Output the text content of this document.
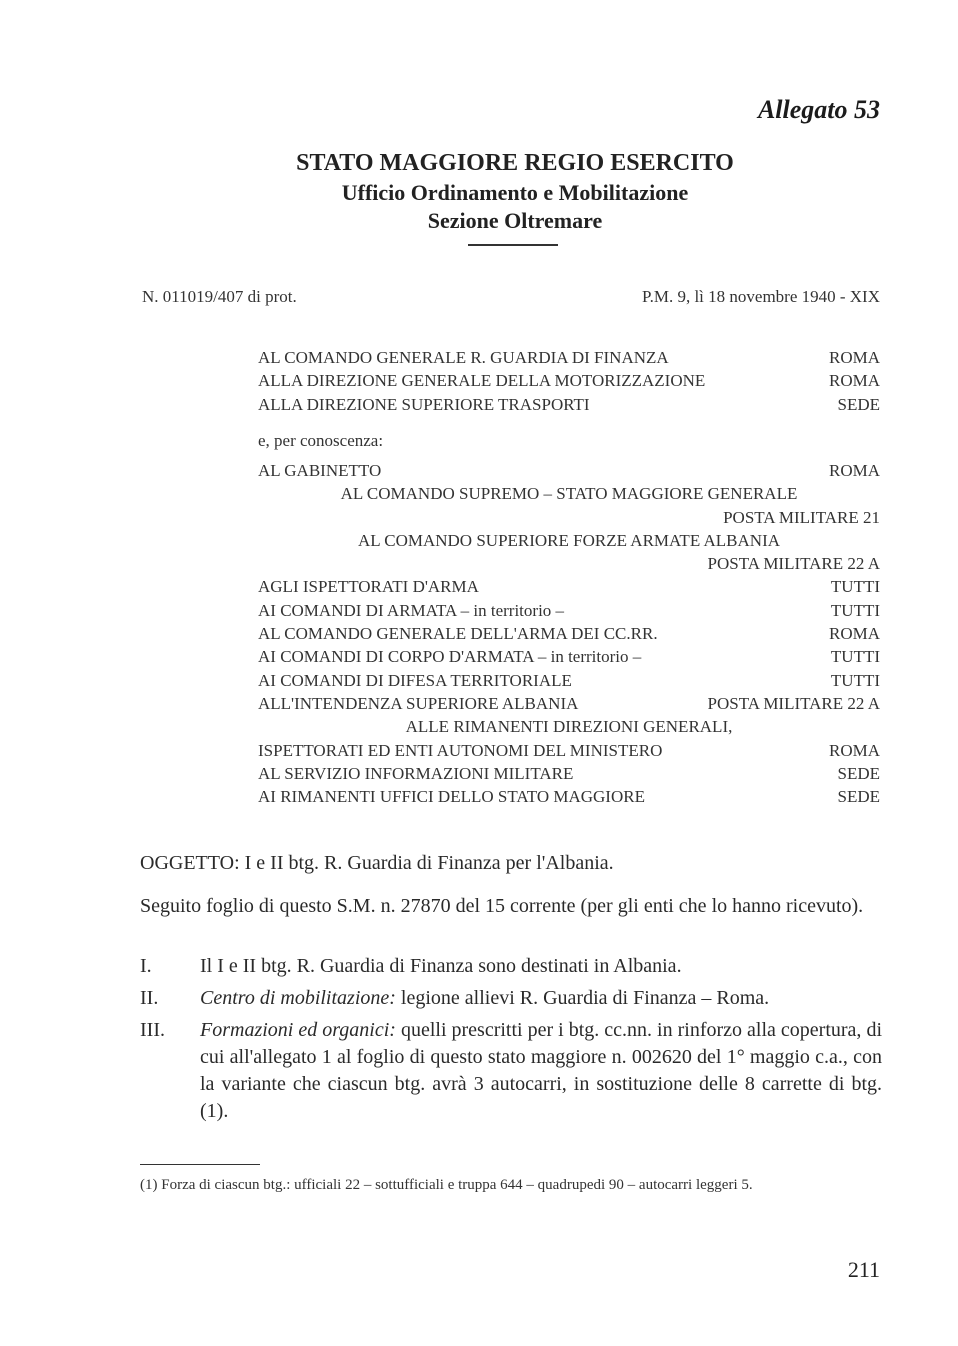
Allegato 53
STATO MAGGIORE REGIO ESERCITO
Ufficio Ordinamento e Mobilitazione
Sezione Oltremare
N. 011019/407 di prot.	P.M. 9, lì 18 novembre 1940 - XIX
AL COMANDO GENERALE R. GUARDIA DI FINANZA	ROMA
ALLA DIREZIONE GENERALE DELLA MOTORIZZAZIONE	ROMA
ALLA DIREZIONE SUPERIORE TRASPORTI	SEDE
e, per conoscenza:
AL GABINETTO	ROMA
AL COMANDO SUPREMO – STATO MAGGIORE GENERALE
POSTA MILITARE 21
AL COMANDO SUPERIORE FORZE ARMATE ALBANIA
POSTA MILITARE 22 A
AGLI ISPETTORATI D'ARMA	TUTTI
AI COMANDI DI ARMATA – in territorio –	TUTTI
AL COMANDO GENERALE DELL'ARMA DEI CC.RR.	ROMA
AI COMANDI DI CORPO D'ARMATA – in territorio –	TUTTI
AI COMANDI DI DIFESA TERRITORIALE	TUTTI
ALL'INTENDENZA SUPERIORE ALBANIA	POSTA MILITARE 22 A
ALLE RIMANENTI DIREZIONI GENERALI,
ISPETTORATI ED ENTI AUTONOMI DEL MINISTERO	ROMA
AL SERVIZIO INFORMAZIONI MILITARE	SEDE
AI RIMANENTI UFFICI DELLO STATO MAGGIORE	SEDE
OGGETTO: I e II btg. R. Guardia di Finanza per l'Albania.
Seguito foglio di questo S.M. n. 27870 del 15 corrente (per gli enti che lo hanno ricevuto).
I. Il I e II btg. R. Guardia di Finanza sono destinati in Albania.
II. Centro di mobilitazione: legione allievi R. Guardia di Finanza – Roma.
III. Formazioni ed organici: quelli prescritti per i btg. cc.nn. in rinforzo alla copertura, di cui all'allegato 1 al foglio di questo stato maggiore n. 002620 del 1° maggio c.a., con la variante che ciascun btg. avrà 3 autocarri, in sostituzione delle 8 carrette di btg. (1).
(1) Forza di ciascun btg.: ufficiali 22 – sottufficiali e truppa 644 – quadrupedi 90 – autocarri leggeri 5.
211
